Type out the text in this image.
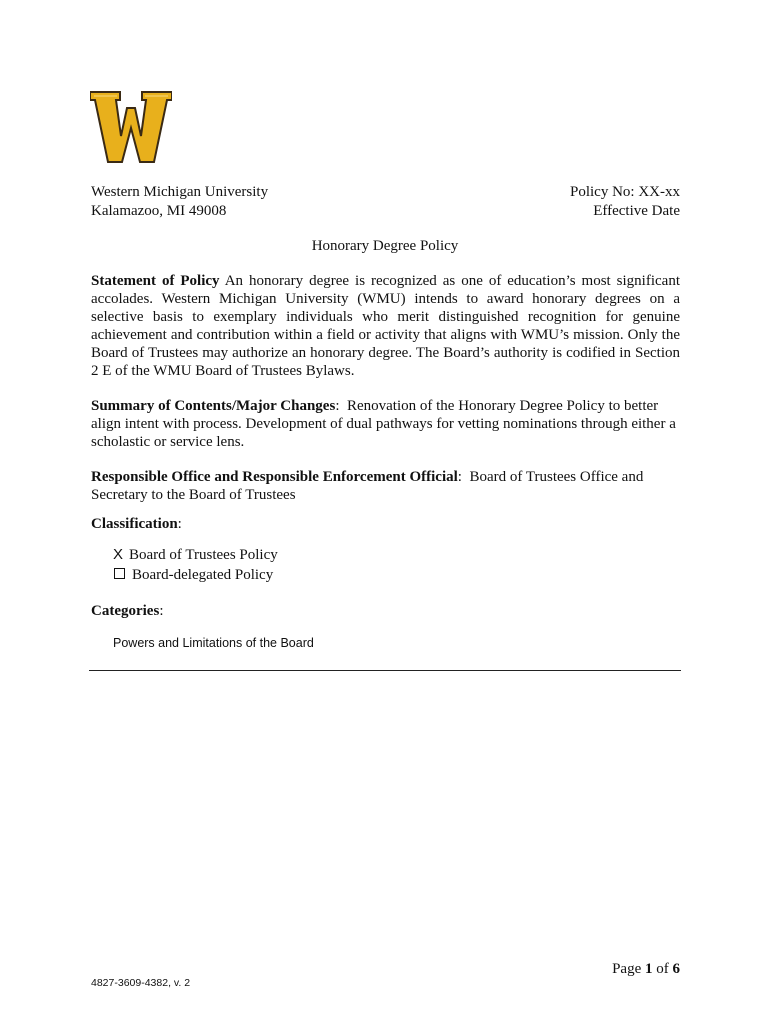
Western Michigan University
Kalamazoo, MI 49008
Policy No: XX-xx
Effective Date
Honorary Degree Policy

Statement of Policy An honorary degree is recognized as one of education’s most significant accolades. Western Michigan University (WMU) intends to award honorary degrees on a selective basis to exemplary individuals who merit distinguished recognition for genuine achievement and contribution within a field or activity that aligns with WMU’s mission. Only the Board of Trustees may authorize an honorary degree. The Board’s authority is codified in Section 2 E of the WMU Board of Trustees Bylaws.

Summary of Contents/Major Changes:  Renovation of the Honorary Degree Policy to better align intent with process. Development of dual pathways for vetting nominations through either a scholastic or service lens.

Responsible Office and Responsible Enforcement Official:  Board of Trustees Office and Secretary to the Board of Trustees

Classification:
X Board of Trustees Policy
Board-delegated Policy
Categories:
Powers and Limitations of the Board
Page 1 of 6
4827-3609-4382, v. 2
